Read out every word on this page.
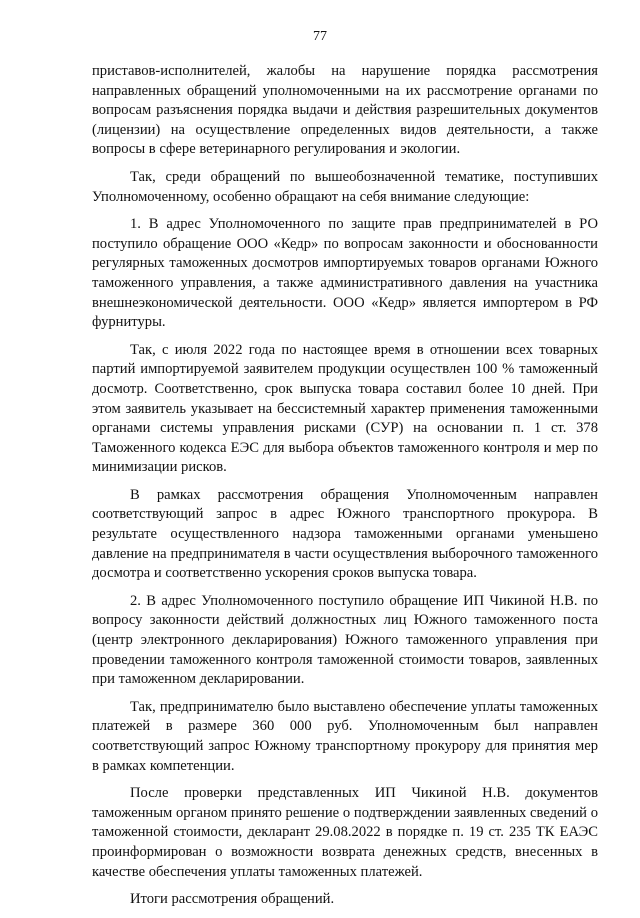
77

приставов-исполнителей, жалобы на нарушение порядка рассмотрения направленных обращений уполномоченными на их рассмотрение органами по вопросам разъяснения порядка выдачи и действия разрешительных документов (лицензии) на осуществление определенных видов деятельности, а также вопросы в сфере ветеринарного регулирования и экологии.

Так, среди обращений по вышеобозначенной тематике, поступивших Уполномоченному, особенно обращают на себя внимание следующие:

1. В адрес Уполномоченного по защите прав предпринимателей в РО поступило обращение ООО «Кедр» по вопросам законности и обоснованности регулярных таможенных досмотров импортируемых товаров органами Южного таможенного управления, а также административного давления на участника внешнеэкономической деятельности. ООО «Кедр» является импортером в РФ фурнитуры.

Так, с июля 2022 года по настоящее время в отношении всех товарных партий импортируемой заявителем продукции осуществлен 100 % таможенный досмотр. Соответственно, срок выпуска товара составил более 10 дней. При этом заявитель указывает на бессистемный характер применения таможенными органами системы управления рисками (СУР) на основании п. 1 ст. 378 Таможенного кодекса ЕЭС для выбора объектов таможенного контроля и мер по минимизации рисков.

В рамках рассмотрения обращения Уполномоченным направлен соответствующий запрос в адрес Южного транспортного прокурора. В результате осуществленного надзора таможенными органами уменьшено давление на предпринимателя в части осуществления выборочного таможенного досмотра и соответственно ускорения сроков выпуска товара.

2. В адрес Уполномоченного поступило обращение ИП Чикиной Н.В. по вопросу законности действий должностных лиц Южного таможенного поста (центр электронного декларирования) Южного таможенного управления при проведении таможенного контроля таможенной стоимости товаров, заявленных при таможенном декларировании.

Так, предпринимателю было выставлено обеспечение уплаты таможенных платежей в размере 360 000 руб. Уполномоченным был направлен соответствующий запрос Южному транспортному прокурору для принятия мер в рамках компетенции.

После проверки представленных ИП Чикиной Н.В. документов таможенным органом принято решение о подтверждении заявленных сведений о таможенной стоимости, декларант 29.08.2022 в порядке п. 19 ст. 235 ТК ЕАЭС проинформирован о возможности возврата денежных средств, внесенных в качестве обеспечения уплаты таможенных платежей.

Итоги рассмотрения обращений.
